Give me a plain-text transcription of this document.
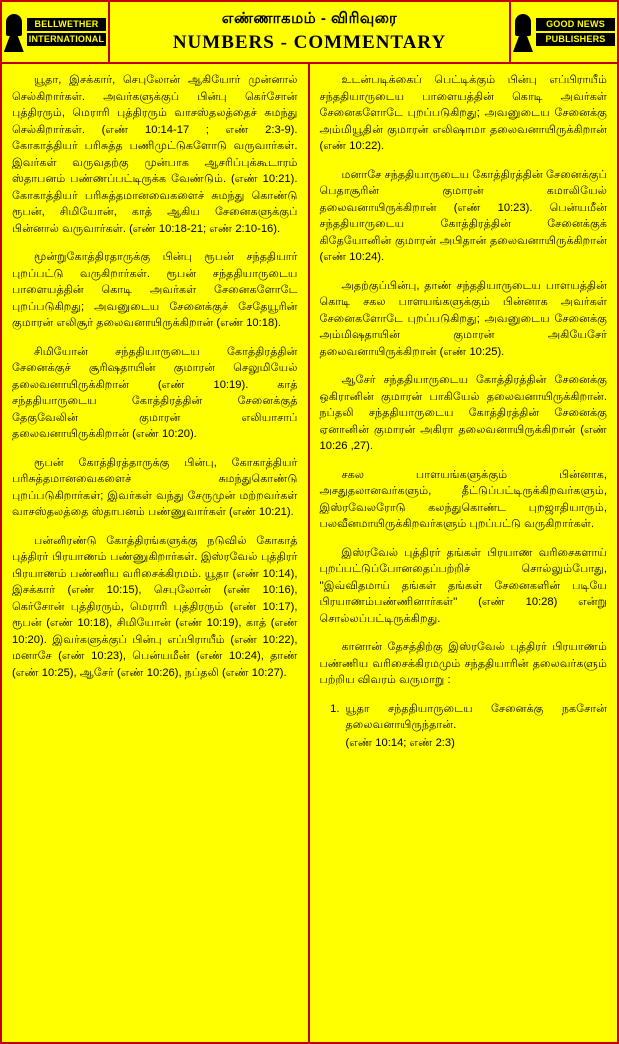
BELLWETHER
INTERNATIONAL
எண்ணாகமம் - விரிவுரை
NUMBERS - COMMENTARY
GOOD NEWS
PUBLISHERS

யூதா, இசக்கார், செபுலோன் ஆகியோர் முன்னால் செல்கிறார்கள். அவர்களுக்குப் பின்பு கெர்சோன் புத்திரரும், மெராரி புத்திரரும் வாசஸ்தலத்தைச் சுமந்து செல்கிறார்கள். (எண் 10:14-17 ; எண் 2:3-9). கோகாத்தியர் பரிசுத்த பணிமுட்டுகளோடு வருவார்கள். இவர்கள் வருவதற்கு முன்பாக ஆசரிப்புக்கூடாரம் ஸ்தாபனம் பண்ணப்பட்டிருக்க வேண்டும். (எண் 10:21). கோகாத்தியர் பரிசுத்தமானவைகளைச் சுமந்து கொண்டு ரூபன், சிமியோன், காத் ஆகிய சேனைகளுக்குப் பின்னால் வருவார்கள். (எண் 10:18-21; எண் 2:10-16).

மூன்றுகோத்திரதாருக்கு பின்பு ரூபன் சந்ததியார் புறப்பட்டு வருகிறார்கள். ரூபன் சந்ததியாருடைய பாளையத்தின் கொடி அவர்கள் சேனைகளோடே புறப்படுகிறது; அவனுடைய சேனைக்குச் சேதேயூரின் குமாரன் எலிசூர் தலைவனாயிருக்கிறான் (எண் 10:18).

சிமியோன் சந்ததியாருடைய கோத்திரத்தின் சேனைக்குச் சூரிஷதாயின் குமாரன் செலுமியேல் தலைவனாயிருக்கிறான் (எண் 10:19). காத் சந்ததியாருடைய கோத்திரத்தின் சேனைக்குத் தேகுவேலின் குமாரன் எலியாசாப் தலைவனாயிருக்கிறான் (எண் 10:20).

ரூபன் கோத்திரத்தாருக்கு பின்பு, கோகாத்தியர் பரிசுத்தமானவைகளைச் சுமந்துகொண்டு புறப்படுகிறார்கள்; இவர்கள் வந்து சேருமுன் மற்றவர்கள் வாசஸ்தலத்தை ஸ்தாபனம் பண்ணுவார்கள் (எண் 10:21).

பன்னிரண்டு கோத்திரங்களுக்கு நடுவில் கோகாத் புத்திரர் பிரயாணம் பண்ணுகிறார்கள். இஸ்ரவேல் புத்திரர் பிரயாணம் பண்ணிய வரிசைக்கிரமம். யூதா (எண் 10:14), இசக்கார் (எண் 10:15), செபுலோன் (எண் 10:16), கெர்சோன் புத்திரரும், மெராரி புத்திரரும் (எண் 10:17), ரூபன் (எண் 10:18), சிமியோன் (எண் 10:19), காத் (எண் 10:20). இவர்களுக்குப் பின்பு எப்பிராயீம் (எண் 10:22), மனாசே (எண் 10:23), பென்யமீன் (எண் 10:24), தாண் (எண் 10:25), ஆசேர் (எண் 10:26), நப்தலி (எண் 10:27).

உடன்படிக்கைப் பெட்டிக்கும் பின்பு எப்பிராயீம் சந்ததியாருடைய பாளையத்தின் கொடி அவர்கள் சேனைகளோடே புறப்படுகிறது; அவனுடைய சேனைக்கு அம்மியூதின் குமாரன் எலிஷாமா தலைவனாயிருக்கிறான் (எண் 10:22).

மனாசே சந்ததியாருடைய கோத்திரத்தின் சேனைக்குப் பெதாசூரின் குமாரன் கமாலியேல் தலைவனாயிருக்கிறான் (எண் 10:23). பென்யமீன் சந்ததியாருடைய கோத்திரத்தின் சேனைக்குக் கிதேயோனின் குமாரன் அபிதான் தலைவனாயிருக்கிறான் (எண் 10:24).

அதற்குப்பின்பு, தாண் சந்ததியாருடைய பாளயத்தின் கொடி சகல பாளயங்களுக்கும் பின்னாக அவர்கள் சேனைகளோடே புறப்படுகிறது; அவனுடைய சேனைக்கு அம்மிஷதாயின் குமாரன் அகியேசேர் தலைவனாயிருக்கிறான் (எண் 10:25).

ஆசேர் சந்ததியாருடைய கோத்திரத்தின் சேனைக்கு ஒகிரானின் குமாரன் பாகியேல் தலைவனாயிருக்கிறான். நப்தலி சந்ததியாருடைய கோத்திரத்தின் சேனைக்கு ஏனானின் குமாரன் அகிரா தலைவனாயிருக்கிறான் (எண் 10:26 ,27).

சகல பாளயங்களுக்கும் பின்னாக, அசதுதலானவர்களும், தீட்டுப்பட்டிருக்கிறவர்களும், இஸ்ரவேலரோடு கலந்துகொண்ட புறஜாதியாரும், பலவீனமாயிருக்கிறவர்களும் புறப்பட்டு வருகிறார்கள்.

இஸ்ரவேல் புத்திரர் தங்கள் பிரயாண வரிசைகளாய் புறப்பட்டுப்போனதைப்பற்றிச் சொல்லும்போது, ''இவ்விதமாய் தங்கள் தங்கள் சேனைகளின் படியே பிரயாணம்பண்ணினார்கள்'' (எண் 10:28) என்று சொல்லப்பட்டிருக்கிறது.

கானான் தேசத்திற்கு இஸ்ரவேல் புத்திரர் பிரயாணம் பண்ணிய வரிசைக்கிரமமும் சந்ததியாரின் தலைவர்களும் பற்றிய விவரம் வருமாறு :

1. யூதா சந்ததியாருடைய சேனைக்கு நகசோன் தலைவனாயிருந்தான்.
(எண் 10:14; எண் 2:3)
